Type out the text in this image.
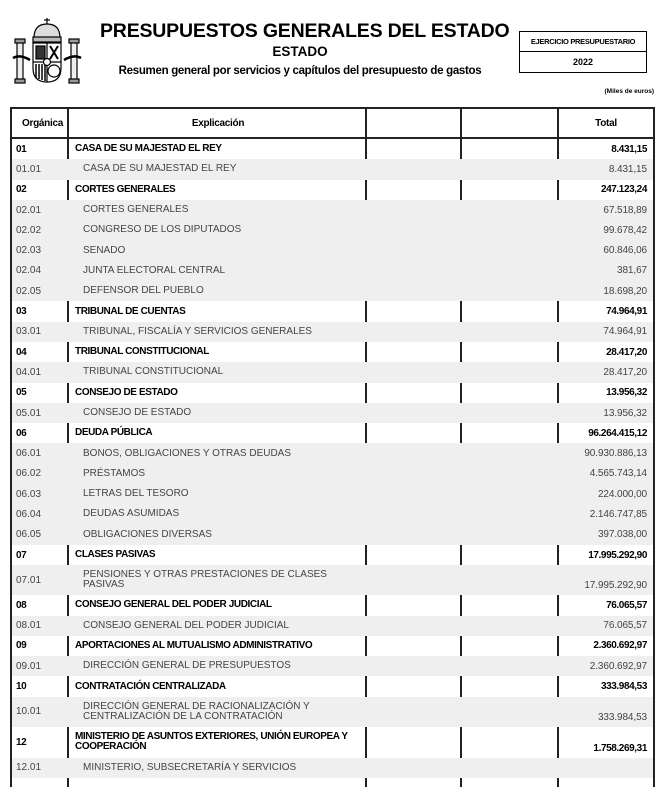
PRESUPUESTOS GENERALES DEL ESTADO
ESTADO
Resumen general por servicios y capítulos del presupuesto de gastos
EJERCICIO PRESUPUESTARIO
2022
(Miles de euros)
Orgánica	Explicación	Total
01	CASA DE SU MAJESTAD EL REY	8.431,15
01.01	CASA DE SU MAJESTAD EL REY	8.431,15
02	CORTES GENERALES	247.123,24
02.01	CORTES GENERALES	67.518,89
02.02	CONGRESO DE LOS DIPUTADOS	99.678,42
02.03	SENADO	60.846,06
02.04	JUNTA ELECTORAL CENTRAL	381,67
02.05	DEFENSOR DEL PUEBLO	18.698,20
03	TRIBUNAL DE CUENTAS	74.964,91
03.01	TRIBUNAL, FISCALÍA Y SERVICIOS GENERALES	74.964,91
04	TRIBUNAL CONSTITUCIONAL	28.417,20
04.01	TRIBUNAL CONSTITUCIONAL	28.417,20
05	CONSEJO DE ESTADO	13.956,32
05.01	CONSEJO DE ESTADO	13.956,32
06	DEUDA PÚBLICA	96.264.415,12
06.01	BONOS, OBLIGACIONES Y OTRAS DEUDAS	90.930.886,13
06.02	PRÉSTAMOS	4.565.743,14
06.03	LETRAS DEL TESORO	224.000,00
06.04	DEUDAS ASUMIDAS	2.146.747,85
06.05	OBLIGACIONES DIVERSAS	397.038,00
07	CLASES PASIVAS	17.995.292,90
07.01	PENSIONES Y OTRAS PRESTACIONES DE CLASES PASIVAS	17.995.292,90
08	CONSEJO GENERAL DEL PODER JUDICIAL	76.065,57
08.01	CONSEJO GENERAL DEL PODER JUDICIAL	76.065,57
09	APORTACIONES AL MUTUALISMO ADMINISTRATIVO	2.360.692,97
09.01	DIRECCIÓN GENERAL DE PRESUPUESTOS	2.360.692,97
10	CONTRATACIÓN CENTRALIZADA	333.984,53
10.01	DIRECCIÓN GENERAL DE RACIONALIZACIÓN Y CENTRALIZACIÓN DE LA CONTRATACIÓN	333.984,53
12	MINISTERIO DE ASUNTOS EXTERIORES, UNIÓN EUROPEA Y COOPERACIÓN	1.758.269,31
12.01	MINISTERIO, SUBSECRETARÍA Y SERVICIOS
